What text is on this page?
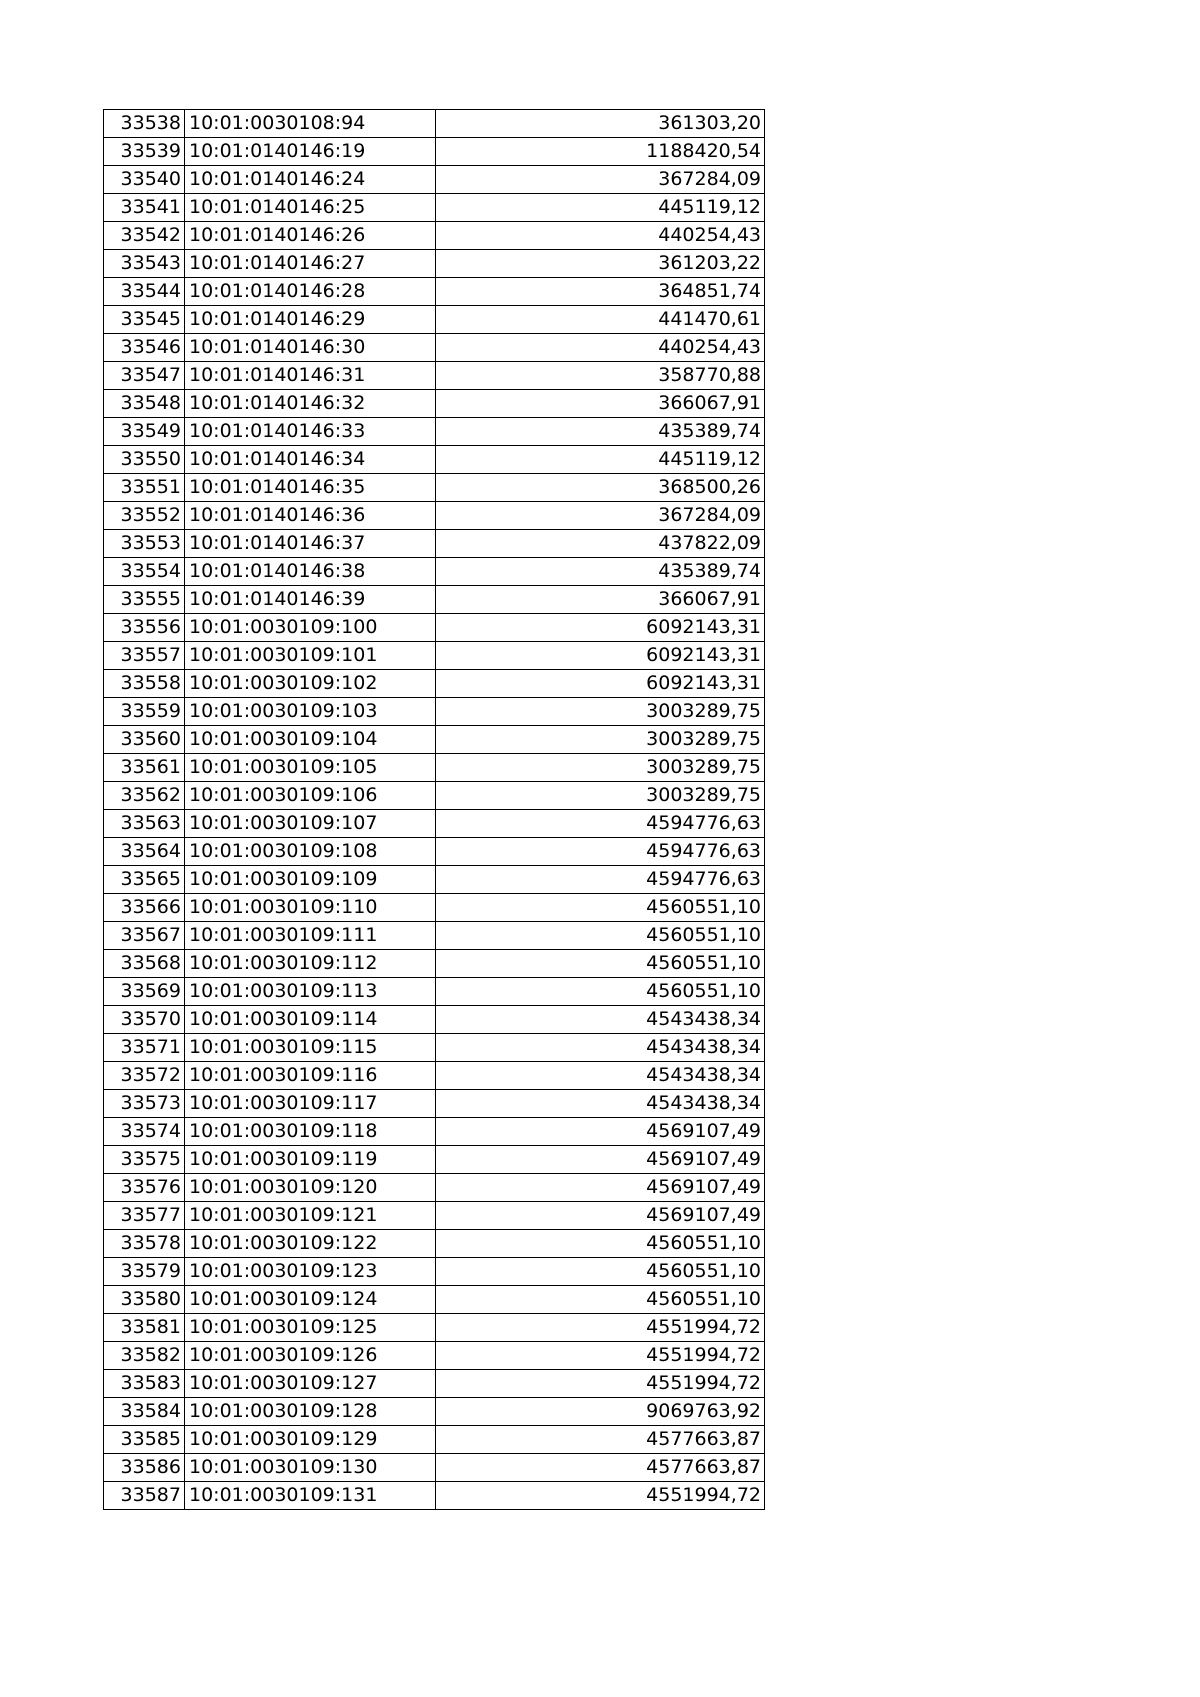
33538	10:01:0030108:94	361303,20
33539	10:01:0140146:19	1188420,54
33540	10:01:0140146:24	367284,09
33541	10:01:0140146:25	445119,12
33542	10:01:0140146:26	440254,43
33543	10:01:0140146:27	361203,22
33544	10:01:0140146:28	364851,74
33545	10:01:0140146:29	441470,61
33546	10:01:0140146:30	440254,43
33547	10:01:0140146:31	358770,88
33548	10:01:0140146:32	366067,91
33549	10:01:0140146:33	435389,74
33550	10:01:0140146:34	445119,12
33551	10:01:0140146:35	368500,26
33552	10:01:0140146:36	367284,09
33553	10:01:0140146:37	437822,09
33554	10:01:0140146:38	435389,74
33555	10:01:0140146:39	366067,91
33556	10:01:0030109:100	6092143,31
33557	10:01:0030109:101	6092143,31
33558	10:01:0030109:102	6092143,31
33559	10:01:0030109:103	3003289,75
33560	10:01:0030109:104	3003289,75
33561	10:01:0030109:105	3003289,75
33562	10:01:0030109:106	3003289,75
33563	10:01:0030109:107	4594776,63
33564	10:01:0030109:108	4594776,63
33565	10:01:0030109:109	4594776,63
33566	10:01:0030109:110	4560551,10
33567	10:01:0030109:111	4560551,10
33568	10:01:0030109:112	4560551,10
33569	10:01:0030109:113	4560551,10
33570	10:01:0030109:114	4543438,34
33571	10:01:0030109:115	4543438,34
33572	10:01:0030109:116	4543438,34
33573	10:01:0030109:117	4543438,34
33574	10:01:0030109:118	4569107,49
33575	10:01:0030109:119	4569107,49
33576	10:01:0030109:120	4569107,49
33577	10:01:0030109:121	4569107,49
33578	10:01:0030109:122	4560551,10
33579	10:01:0030109:123	4560551,10
33580	10:01:0030109:124	4560551,10
33581	10:01:0030109:125	4551994,72
33582	10:01:0030109:126	4551994,72
33583	10:01:0030109:127	4551994,72
33584	10:01:0030109:128	9069763,92
33585	10:01:0030109:129	4577663,87
33586	10:01:0030109:130	4577663,87
33587	10:01:0030109:131	4551994,72
